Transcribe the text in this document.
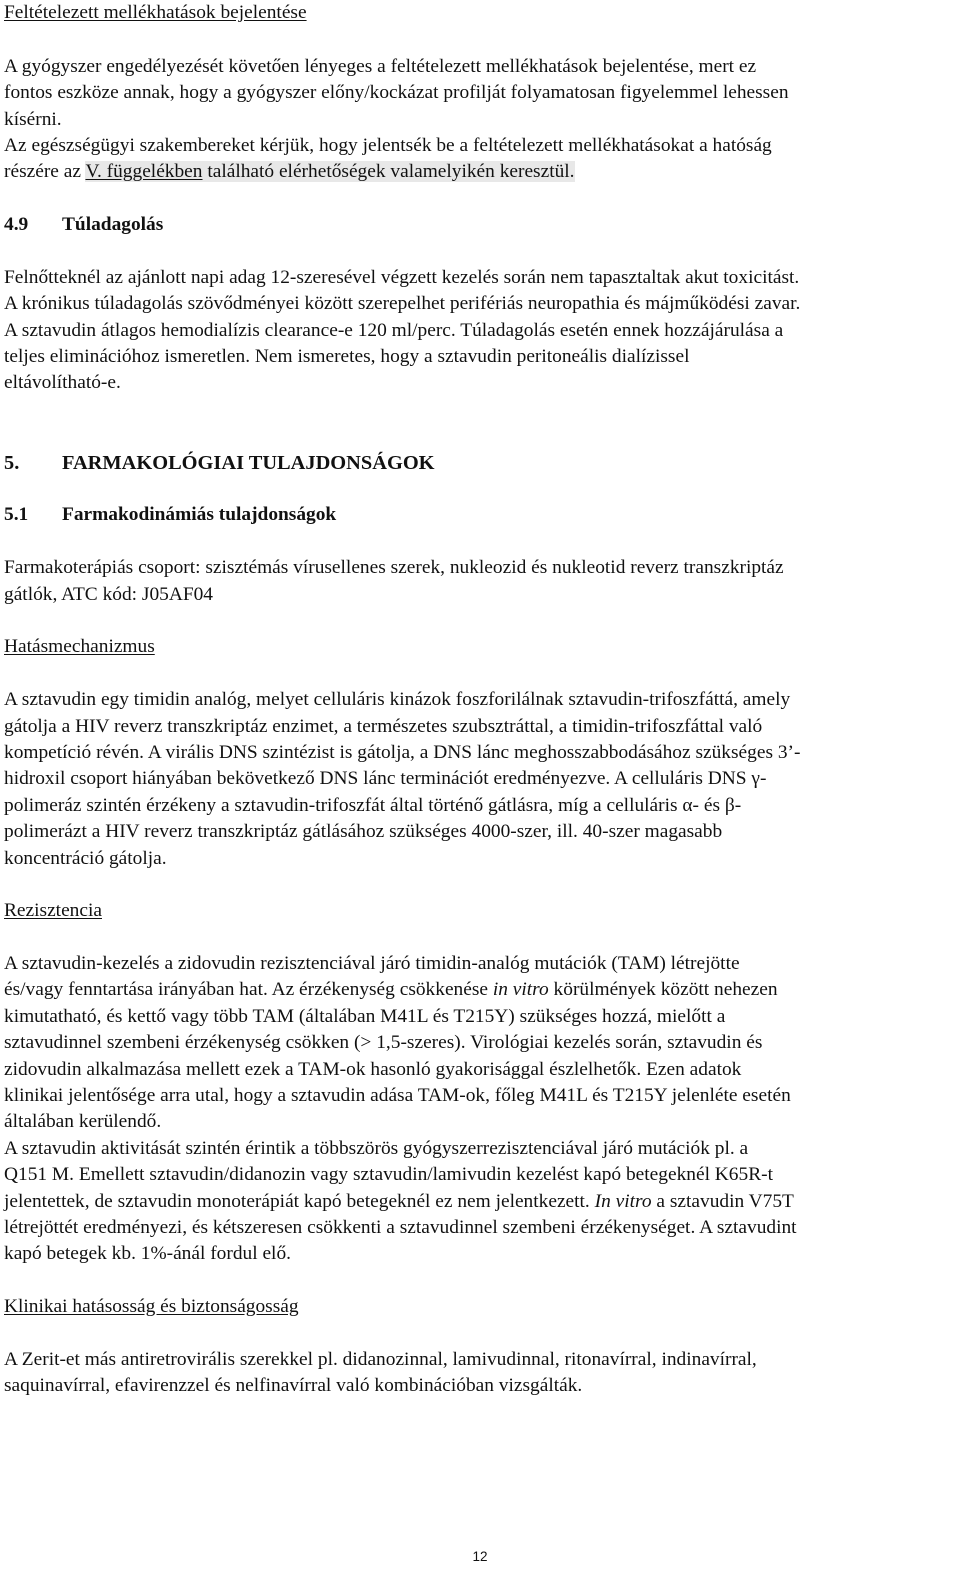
Feltételezett mellékhatások bejelentése
A gyógyszer engedélyezését követően lényeges a feltételezett mellékhatások bejelentése, mert ez
fontos eszköze annak, hogy a gyógyszer előny/kockázat profilját folyamatosan figyelemmel lehessen
kísérni.
Az egészségügyi szakembereket kérjük, hogy jelentsék be a feltételezett mellékhatásokat a hatóság
részére az V. függelékben található elérhetőségek valamelyikén keresztül.
4.9	Túladagolás
Felnőtteknél az ajánlott napi adag 12-szeresével végzett kezelés során nem tapasztaltak akut toxicitást.
A krónikus túladagolás szövődményei között szerepelhet perifériás neuropathia és májműködési zavar.
A sztavudin átlagos hemodialízis clearance-e 120 ml/perc. Túladagolás esetén ennek hozzájárulása a
teljes eliminációhoz ismeretlen. Nem ismeretes, hogy a sztavudin peritoneális dialízissel
eltávolítható-e.
5.	FARMAKOLÓGIAI TULAJDONSÁGOK
5.1	Farmakodinámiás tulajdonságok
Farmakoterápiás csoport: szisztémás vírusellenes szerek, nukleozid és nukleotid reverz transzkriptáz
gátlók, ATC kód: J05AF04
Hatásmechanizmus
A sztavudin egy timidin analóg, melyet celluláris kinázok foszforilálnak sztavudin-trifoszfáttá, amely
gátolja a HIV reverz transzkriptáz enzimet, a természetes szubsztráttal, a timidin-trifoszfáttal való
kompetíció révén. A virális DNS szintézist is gátolja, a DNS lánc meghosszabbodásához szükséges 3’-
hidroxil csoport hiányában bekövetkező DNS lánc terminációt eredményezve. A celluláris DNS γ-
polimeráz szintén érzékeny a sztavudin-trifoszfát által történő gátlásra, míg a celluláris α- és β-
polimerázt a HIV reverz transzkriptáz gátlásához szükséges 4000-szer, ill. 40-szer magasabb
koncentráció gátolja.
Rezisztencia
A sztavudin-kezelés a zidovudin rezisztenciával járó timidin-analóg mutációk (TAM) létrejötte
és/vagy fenntartása irányában hat. Az érzékenység csökkenése in vitro körülmények között nehezen
kimutatható, és kettő vagy több TAM (általában M41L és T215Y) szükséges hozzá, mielőtt a
sztavudinnel szembeni érzékenység csökken (> 1,5-szeres). Virológiai kezelés során, sztavudin és
zidovudin alkalmazása mellett ezek a TAM-ok hasonló gyakorisággal észlelhetők. Ezen adatok
klinikai jelentősége arra utal, hogy a sztavudin adása TAM-ok, főleg M41L és T215Y jelenléte esetén
általában kerülendő.
A sztavudin aktivitását szintén érintik a többszörös gyógyszerrezisztenciával járó mutációk pl. a
Q151 M. Emellett sztavudin/didanozin vagy sztavudin/lamivudin kezelést kapó betegeknél K65R-t
jelentettek, de sztavudin monoterápiát kapó betegeknél ez nem jelentkezett. In vitro a sztavudin V75T
létrejöttét eredményezi, és kétszeresen csökkenti a sztavudinnel szembeni érzékenységet. A sztavudint
kapó betegek kb. 1%-ánál fordul elő.
Klinikai hatásosság és biztonságosság
A Zerit-et más antiretrovirális szerekkel pl. didanozinnal, lamivudinnal, ritonavírral, indinavírral,
saquinavírral, efavirenzzel és nelfinavírral való kombinációban vizsgálták.
12
